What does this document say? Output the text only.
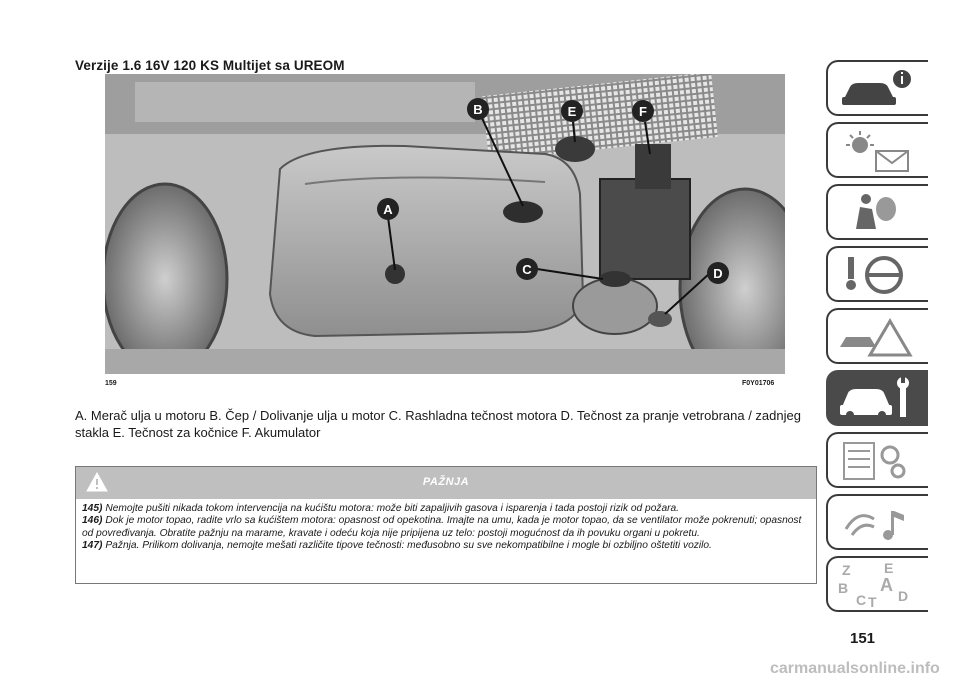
Verzije 1.6 16V 120 KS Multijet sa UREOM
A
B
C	D
E	F
159	F0Y01706
A. Merač ulja u motoru B. Čep / Dolivanje ulja u motor C. Rashladna tečnost motora D. Tečnost za pranje vetrobrana / zadnjeg stakla E. Tečnost za kočnice F. Akumulator
PAŽNJA

145) Nemojte pušiti nikada tokom intervencija na kućištu motora: može biti zapaljivih gasova i isparenja i tada postoji rizik od požara.

146) Dok je motor topao, radite vrlo sa kućištem motora: opasnost od opekotina. Imajte na umu, kada je motor topao, da se ventilator može pokrenuti; opasnost od povređivanja. Obratite pažnju na marame, kravate i odeću koja nije pripijena uz telo: postoji mogućnost da ih povuku organi u pokretu.

147) Pažnja. Prilikom dolivanja, nemojte mešati različite tipove tečnosti: međusobno su sve nekompatibilne i mogle bi ozbiljno oštetiti vozilo.

Z E
B A
C T D
151
carmanualsonline.info
